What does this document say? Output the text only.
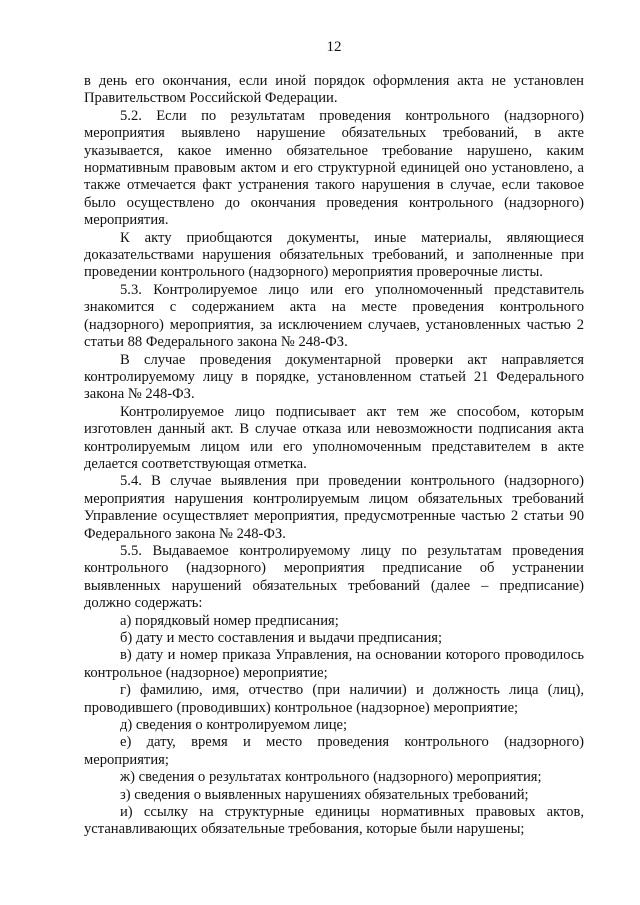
12

в день его окончания, если иной порядок оформления акта не установлен Правительством Российской Федерации.

5.2. Если по результатам проведения контрольного (надзорного) мероприятия выявлено нарушение обязательных требований, в акте указывается, какое именно обязательное требование нарушено, каким нормативным правовым актом и его структурной единицей оно установлено, а также отмечается факт устранения такого нарушения в случае, если таковое было осуществлено до окончания проведения контрольного (надзорного) мероприятия.

К акту приобщаются документы, иные материалы, являющиеся доказательствами нарушения обязательных требований, и заполненные при проведении контрольного (надзорного) мероприятия проверочные листы.

5.3. Контролируемое лицо или его уполномоченный представитель знакомится с содержанием акта на месте проведения контрольного (надзорного) мероприятия, за исключением случаев, установленных частью 2 статьи 88 Федерального закона № 248-ФЗ.

В случае проведения документарной проверки акт направляется контролируемому лицу в порядке, установленном статьей 21 Федерального закона № 248-ФЗ.

Контролируемое лицо подписывает акт тем же способом, которым изготовлен данный акт. В случае отказа или невозможности подписания акта контролируемым лицом или его уполномоченным представителем в акте делается соответствующая отметка.

5.4. В случае выявления при проведении контрольного (надзорного) мероприятия нарушения контролируемым лицом обязательных требований Управление осуществляет мероприятия, предусмотренные частью 2 статьи 90 Федерального закона № 248-ФЗ.

5.5. Выдаваемое контролируемому лицу по результатам проведения контрольного (надзорного) мероприятия предписание об устранении выявленных нарушений обязательных требований (далее – предписание) должно содержать:

а) порядковый номер предписания;

б) дату и место составления и выдачи предписания;

в) дату и номер приказа Управления, на основании которого проводилось контрольное (надзорное) мероприятие;

г) фамилию, имя, отчество (при наличии) и должность лица (лиц), проводившего (проводивших) контрольное (надзорное) мероприятие;

д) сведения о контролируемом лице;

е) дату, время и место проведения контрольного (надзорного) мероприятия;

ж) сведения о результатах контрольного (надзорного) мероприятия;

з) сведения о выявленных нарушениях обязательных требований;

и) ссылку на структурные единицы нормативных правовых актов, устанавливающих обязательные требования, которые были нарушены;
